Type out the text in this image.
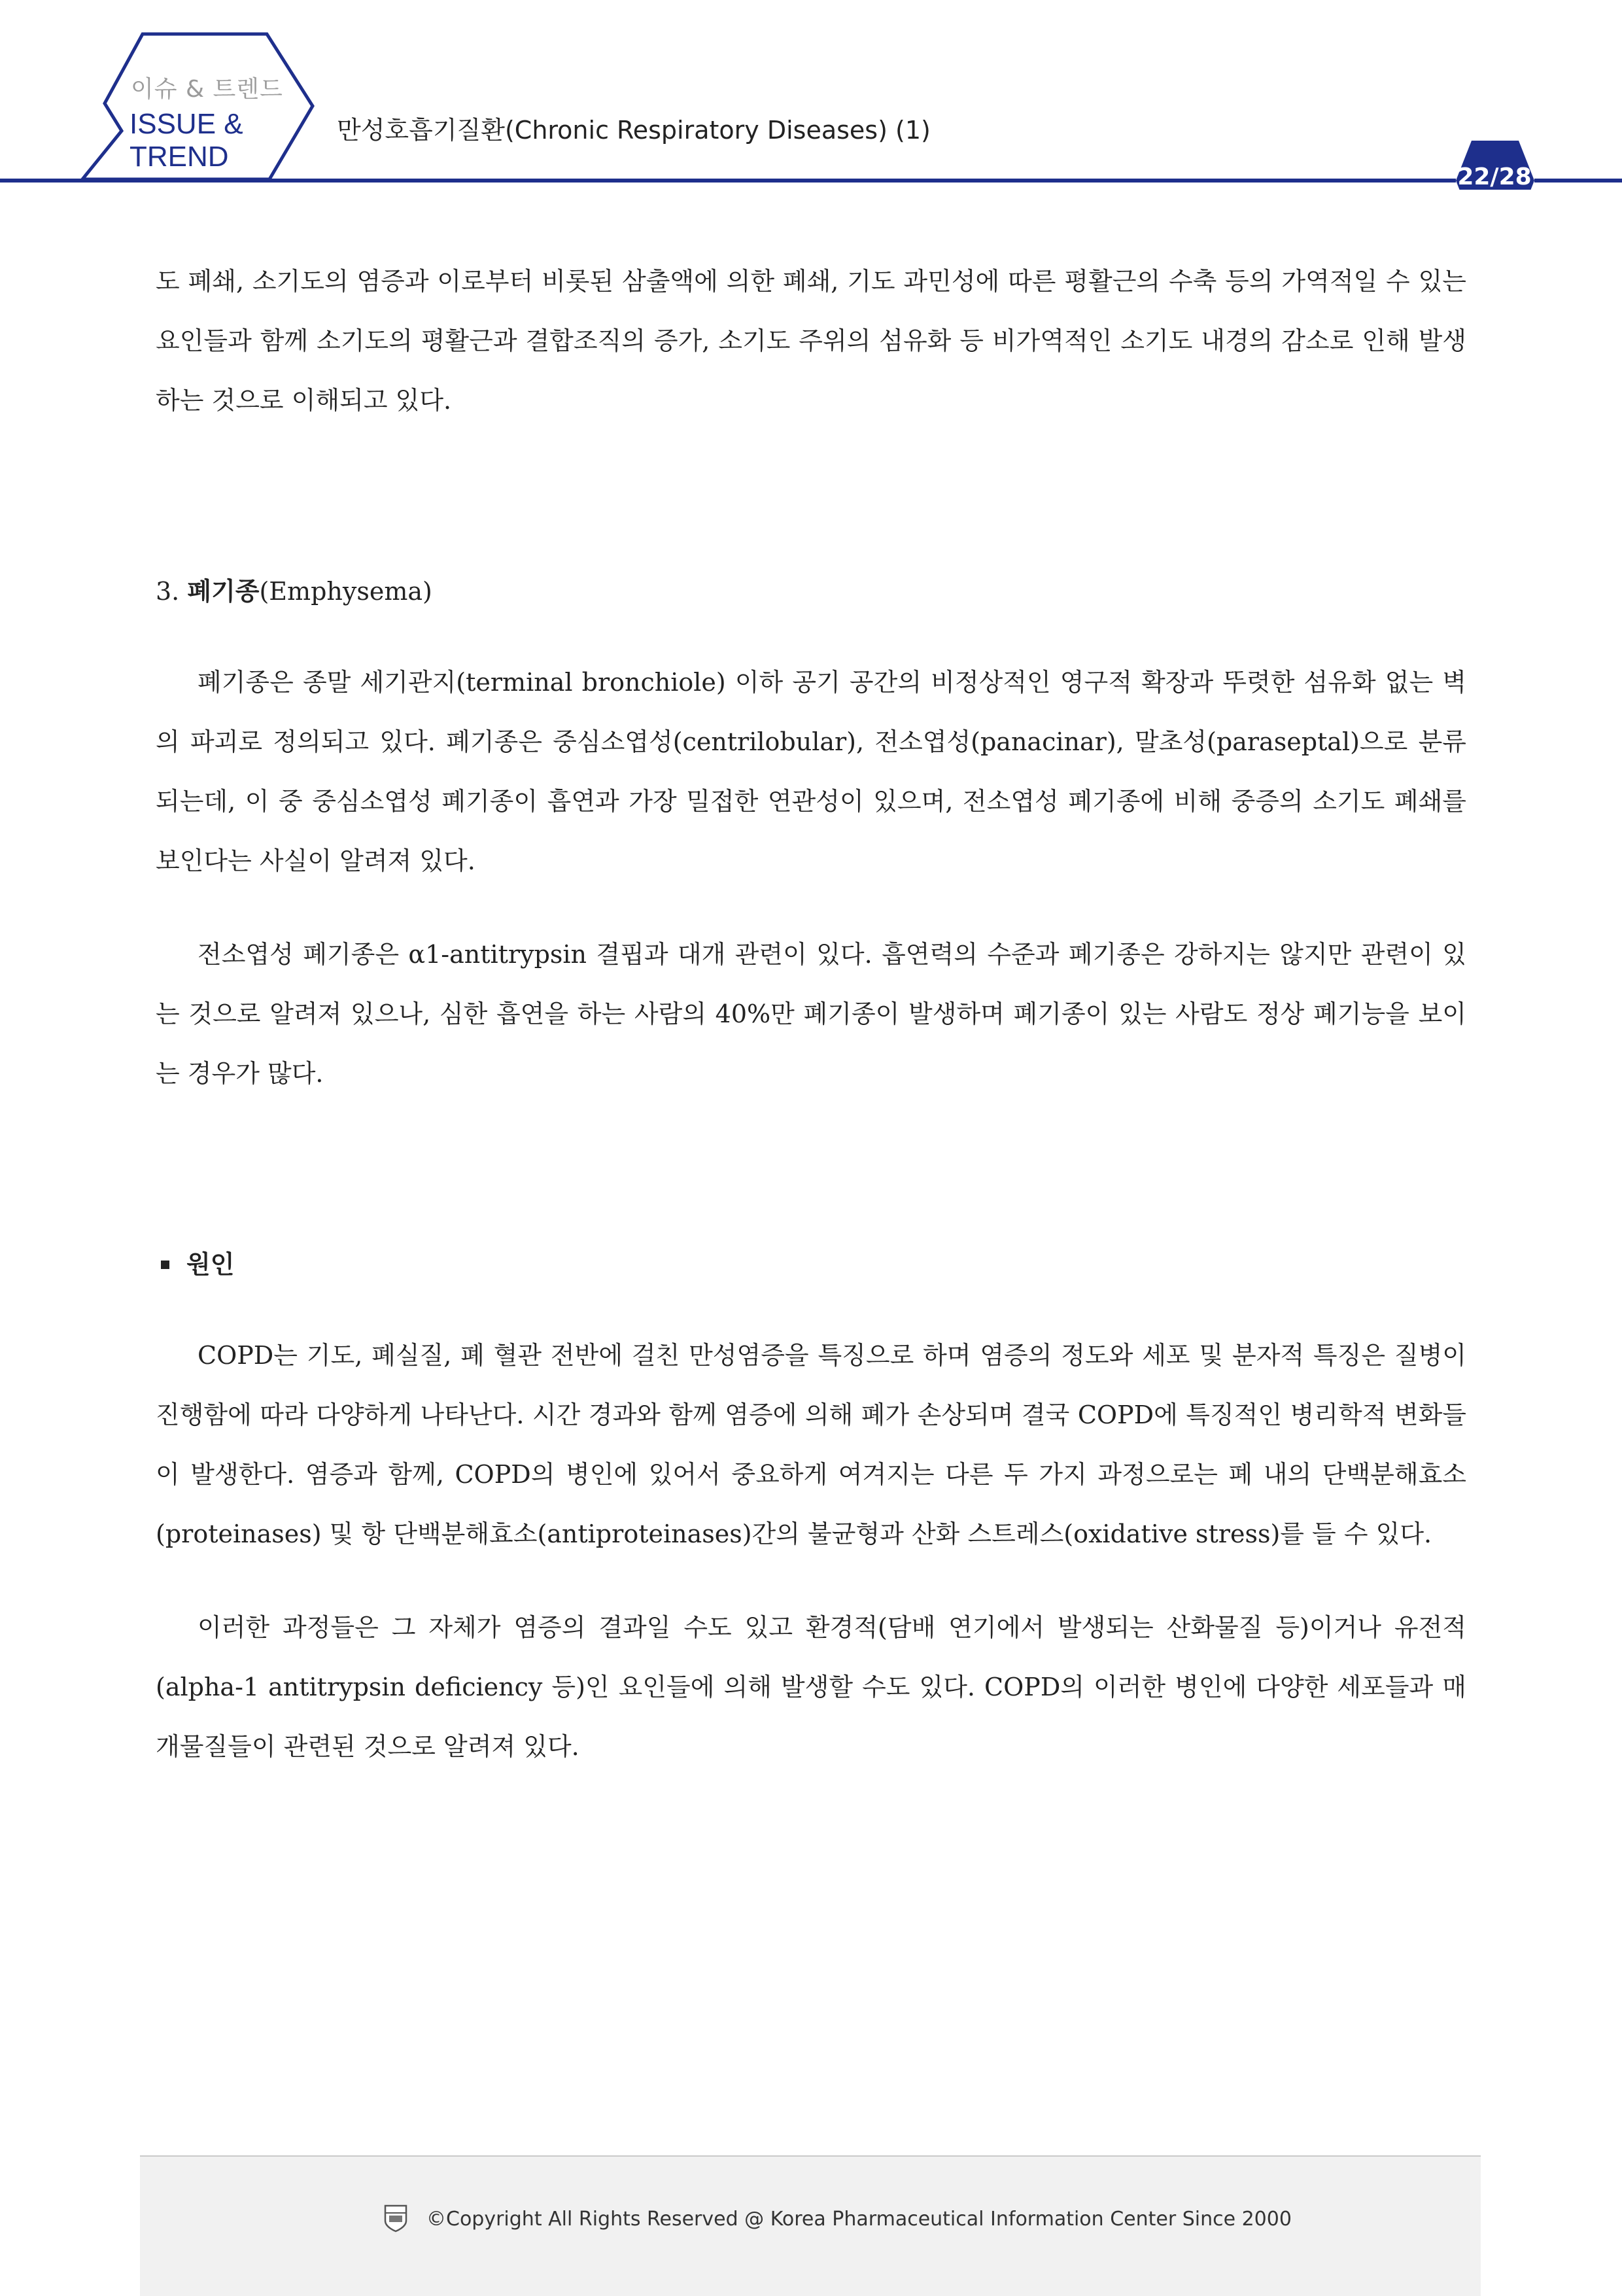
이슈 & 트렌드
ISSUE &
TREND
만성호흡기질환(Chronic Respiratory Diseases) (1)
22/28

도 폐쇄, 소기도의 염증과 이로부터 비롯된 삼출액에 의한 폐쇄, 기도 과민성에 따른 평활근의 수축 등의 가역적일 수 있는 요인들과 함께 소기도의 평활근과 결합조직의 증가, 소기도 주위의 섬유화 등 비가역적인 소기도 내경의 감소로 인해 발생하는 것으로 이해되고 있다.

3. 폐기종(Emphysema)

폐기종은 종말 세기관지(terminal bronchiole) 이하 공기 공간의 비정상적인 영구적 확장과 뚜렷한 섬유화 없는 벽의 파괴로 정의되고 있다. 폐기종은 중심소엽성(centrilobular), 전소엽성(panacinar), 말초성(paraseptal)으로 분류되는데, 이 중 중심소엽성 폐기종이 흡연과 가장 밀접한 연관성이 있으며, 전소엽성 폐기종에 비해 중증의 소기도 폐쇄를 보인다는 사실이 알려져 있다.

전소엽성 폐기종은 α1-antitrypsin 결핍과 대개 관련이 있다. 흡연력의 수준과 폐기종은 강하지는 않지만 관련이 있는 것으로 알려져 있으나, 심한 흡연을 하는 사람의 40%만 폐기종이 발생하며 폐기종이 있는 사람도 정상 폐기능을 보이는 경우가 많다.

원인

COPD는 기도, 폐실질, 폐 혈관 전반에 걸친 만성염증을 특징으로 하며 염증의 정도와 세포 및 분자적 특징은 질병이 진행함에 따라 다양하게 나타난다. 시간 경과와 함께 염증에 의해 폐가 손상되며 결국 COPD에 특징적인 병리학적 변화들이 발생한다. 염증과 함께, COPD의 병인에 있어서 중요하게 여겨지는 다른 두 가지 과정으로는 폐 내의 단백분해효소(proteinases) 및 항 단백분해효소(antiproteinases)간의 불균형과 산화 스트레스(oxidative stress)를 들 수 있다.

이러한 과정들은 그 자체가 염증의 결과일 수도 있고 환경적(담배 연기에서 발생되는 산화물질 등)이거나 유전적(alpha-1 antitrypsin deficiency 등)인 요인들에 의해 발생할 수도 있다. COPD의 이러한 병인에 다양한 세포들과 매개물질들이 관련된 것으로 알려져 있다.

©Copyright All Rights Reserved @ Korea Pharmaceutical Information Center Since 2000
